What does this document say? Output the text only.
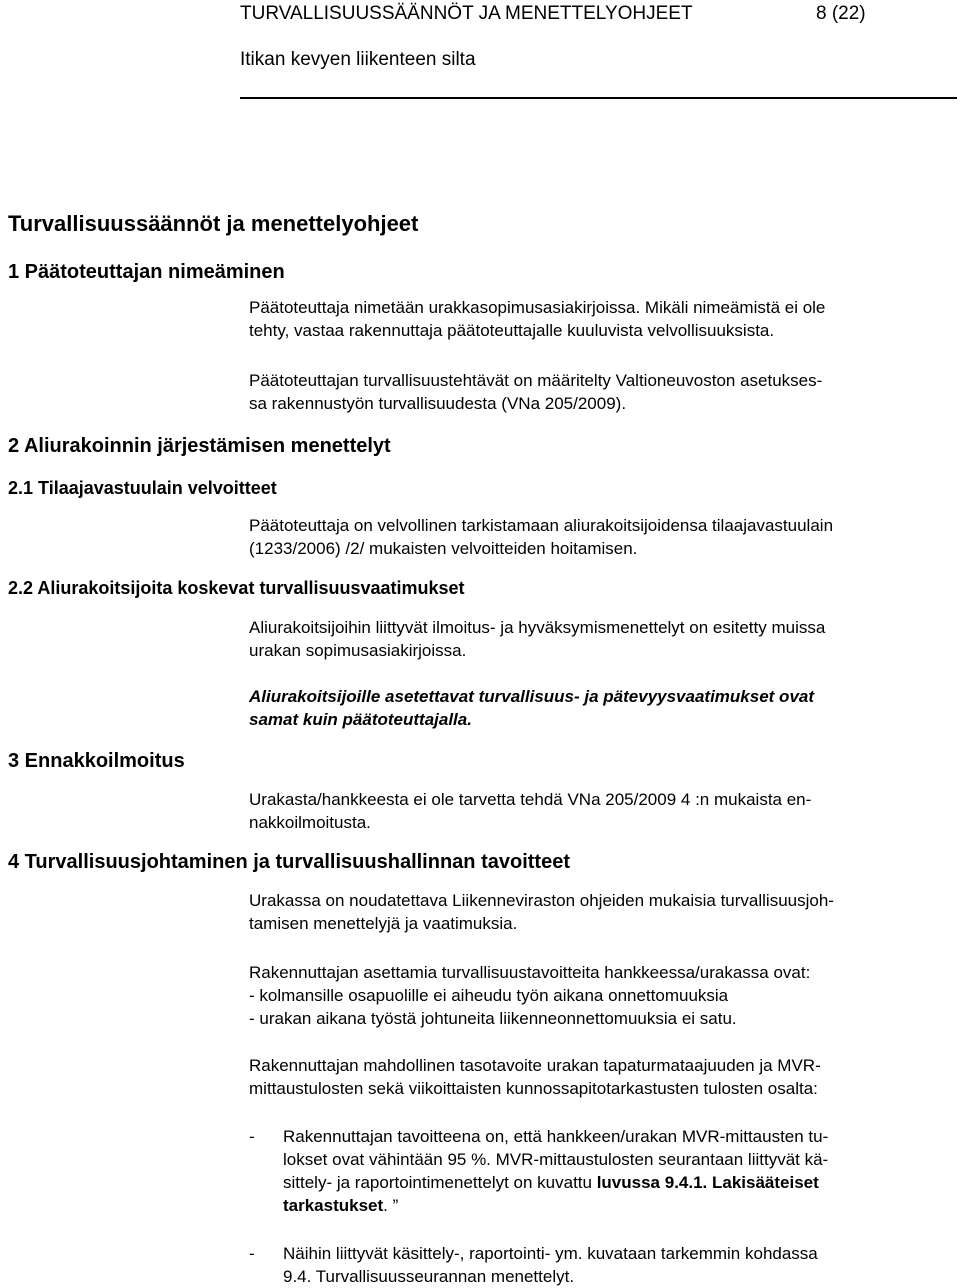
TURVALLISUUSSÄÄNNÖT JA MENETTELYOHJEET	8 (22)
Itikan kevyen liikenteen silta
Turvallisuussäännöt ja menettelyohjeet
1 Päätoteuttajan nimeäminen
Päätoteuttaja nimetään urakkasopimusasiakirjoissa. Mikäli nimeämistä ei ole
tehty, vastaa rakennuttaja päätoteuttajalle kuuluvista velvollisuuksista.
Päätoteuttajan turvallisuustehtävät on määritelty Valtioneuvoston asetukses-
sa rakennustyön turvallisuudesta (VNa 205/2009).
2 Aliurakoinnin järjestämisen menettelyt
2.1 Tilaajavastuulain velvoitteet
Päätoteuttaja on velvollinen tarkistamaan aliurakoitsijoidensa tilaajavastuulain
(1233/2006) /2/ mukaisten velvoitteiden hoitamisen.
2.2 Aliurakoitsijoita koskevat turvallisuusvaatimukset
Aliurakoitsijoihin liittyvät ilmoitus- ja hyväksymismenettelyt on esitetty muissa
urakan sopimusasiakirjoissa.
Aliurakoitsijoille asetettavat turvallisuus- ja pätevyysvaatimukset ovat
samat kuin päätoteuttajalla.
3 Ennakkoilmoitus
Urakasta/hankkeesta ei ole tarvetta tehdä VNa 205/2009 4 :n mukaista en-
nakkoilmoitusta.
4 Turvallisuusjohtaminen ja turvallisuushallinnan tavoitteet
Urakassa on noudatettava Liikenneviraston ohjeiden mukaisia turvallisuusjoh-
tamisen menettelyjä ja vaatimuksia.
Rakennuttajan asettamia turvallisuustavoitteita hankkeessa/urakassa ovat:
- kolmansille osapuolille ei aiheudu työn aikana onnettomuuksia
- urakan aikana työstä johtuneita liikenneonnettomuuksia ei satu.
Rakennuttajan mahdollinen tasotavoite urakan tapaturmataajuuden ja MVR-
mittaustulosten sekä viikoittaisten kunnossapitotarkastusten tulosten osalta:
- Rakennuttajan tavoitteena on, että hankkeen/urakan MVR-mittausten tu-
lokset ovat vähintään 95 %. MVR-mittaustulosten seurantaan liittyvät kä-
sittely- ja raportointimenettelyt on kuvattu luvussa 9.4.1. Lakisääteiset
tarkastukset. ”
- Näihin liittyvät käsittely-, raportointi- ym. kuvataan tarkemmin kohdassa
9.4. Turvallisuusseurannan menettelyt.
